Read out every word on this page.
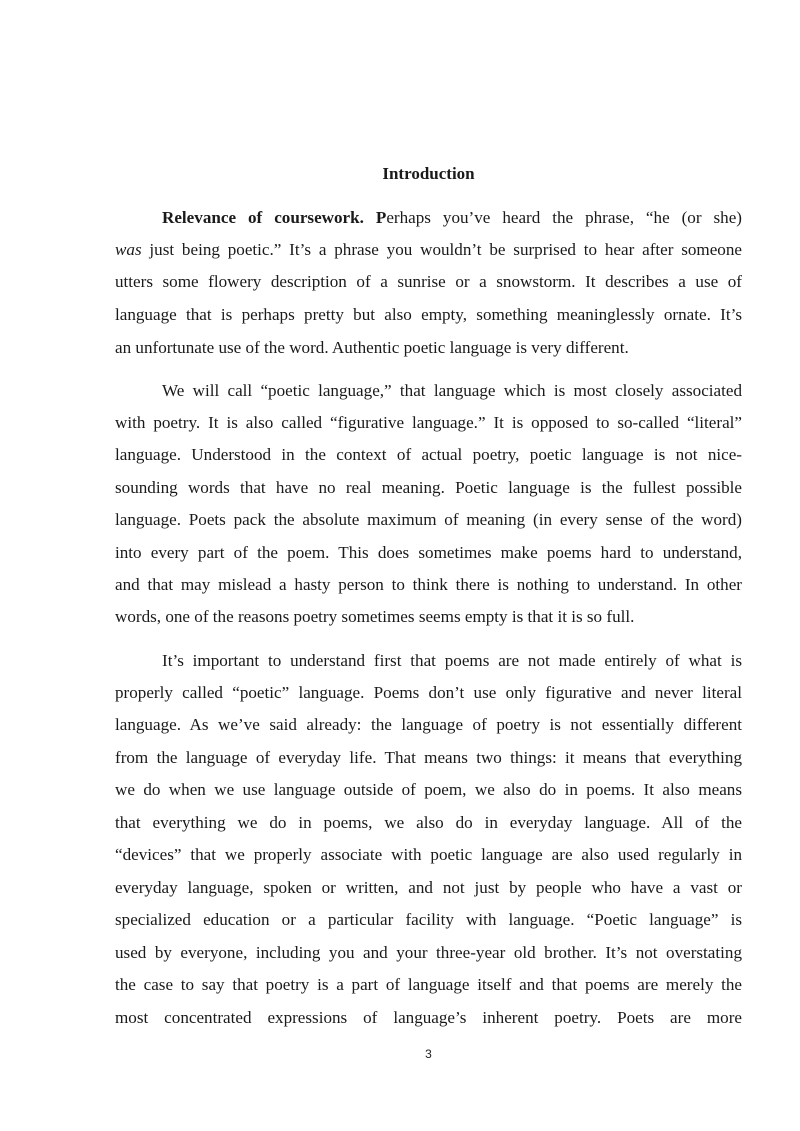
Introduction
Relevance of coursework. Perhaps you’ve heard the phrase, “he (or she)
was just being poetic.” It’s a phrase you wouldn’t be surprised to hear after someone
utters some flowery description of a sunrise or a snowstorm. It describes a use of
language that is perhaps pretty but also empty, something meaninglessly ornate. It’s
an unfortunate use of the word. Authentic poetic language is very different.
We will call “poetic language,” that language which is most closely associated
with poetry. It is also called “figurative language.” It is opposed to so-called “literal”
language. Understood in the context of actual poetry, poetic language is not nice-
sounding words that have no real meaning. Poetic language is the fullest possible
language. Poets pack the absolute maximum of meaning (in every sense of the word)
into every part of the poem. This does sometimes make poems hard to understand,
and that may mislead a hasty person to think there is nothing to understand. In other
words, one of the reasons poetry sometimes seems empty is that it is so full.
It’s important to understand first that poems are not made entirely of what is
properly called “poetic” language. Poems don’t use only figurative and never literal
language. As we’ve said already: the language of poetry is not essentially different
from the language of everyday life. That means two things: it means that everything
we do when we use language outside of poem, we also do in poems. It also means
that everything we do in poems, we also do in everyday language. All of the
“devices” that we properly associate with poetic language are also used regularly in
everyday language, spoken or written, and not just by people who have a vast or
specialized education or a particular facility with language. “Poetic language” is
used by everyone, including you and your three-year old brother. It’s not overstating
the case to say that poetry is a part of language itself and that poems are merely the
most concentrated expressions of language’s inherent poetry. Poets are more
3
